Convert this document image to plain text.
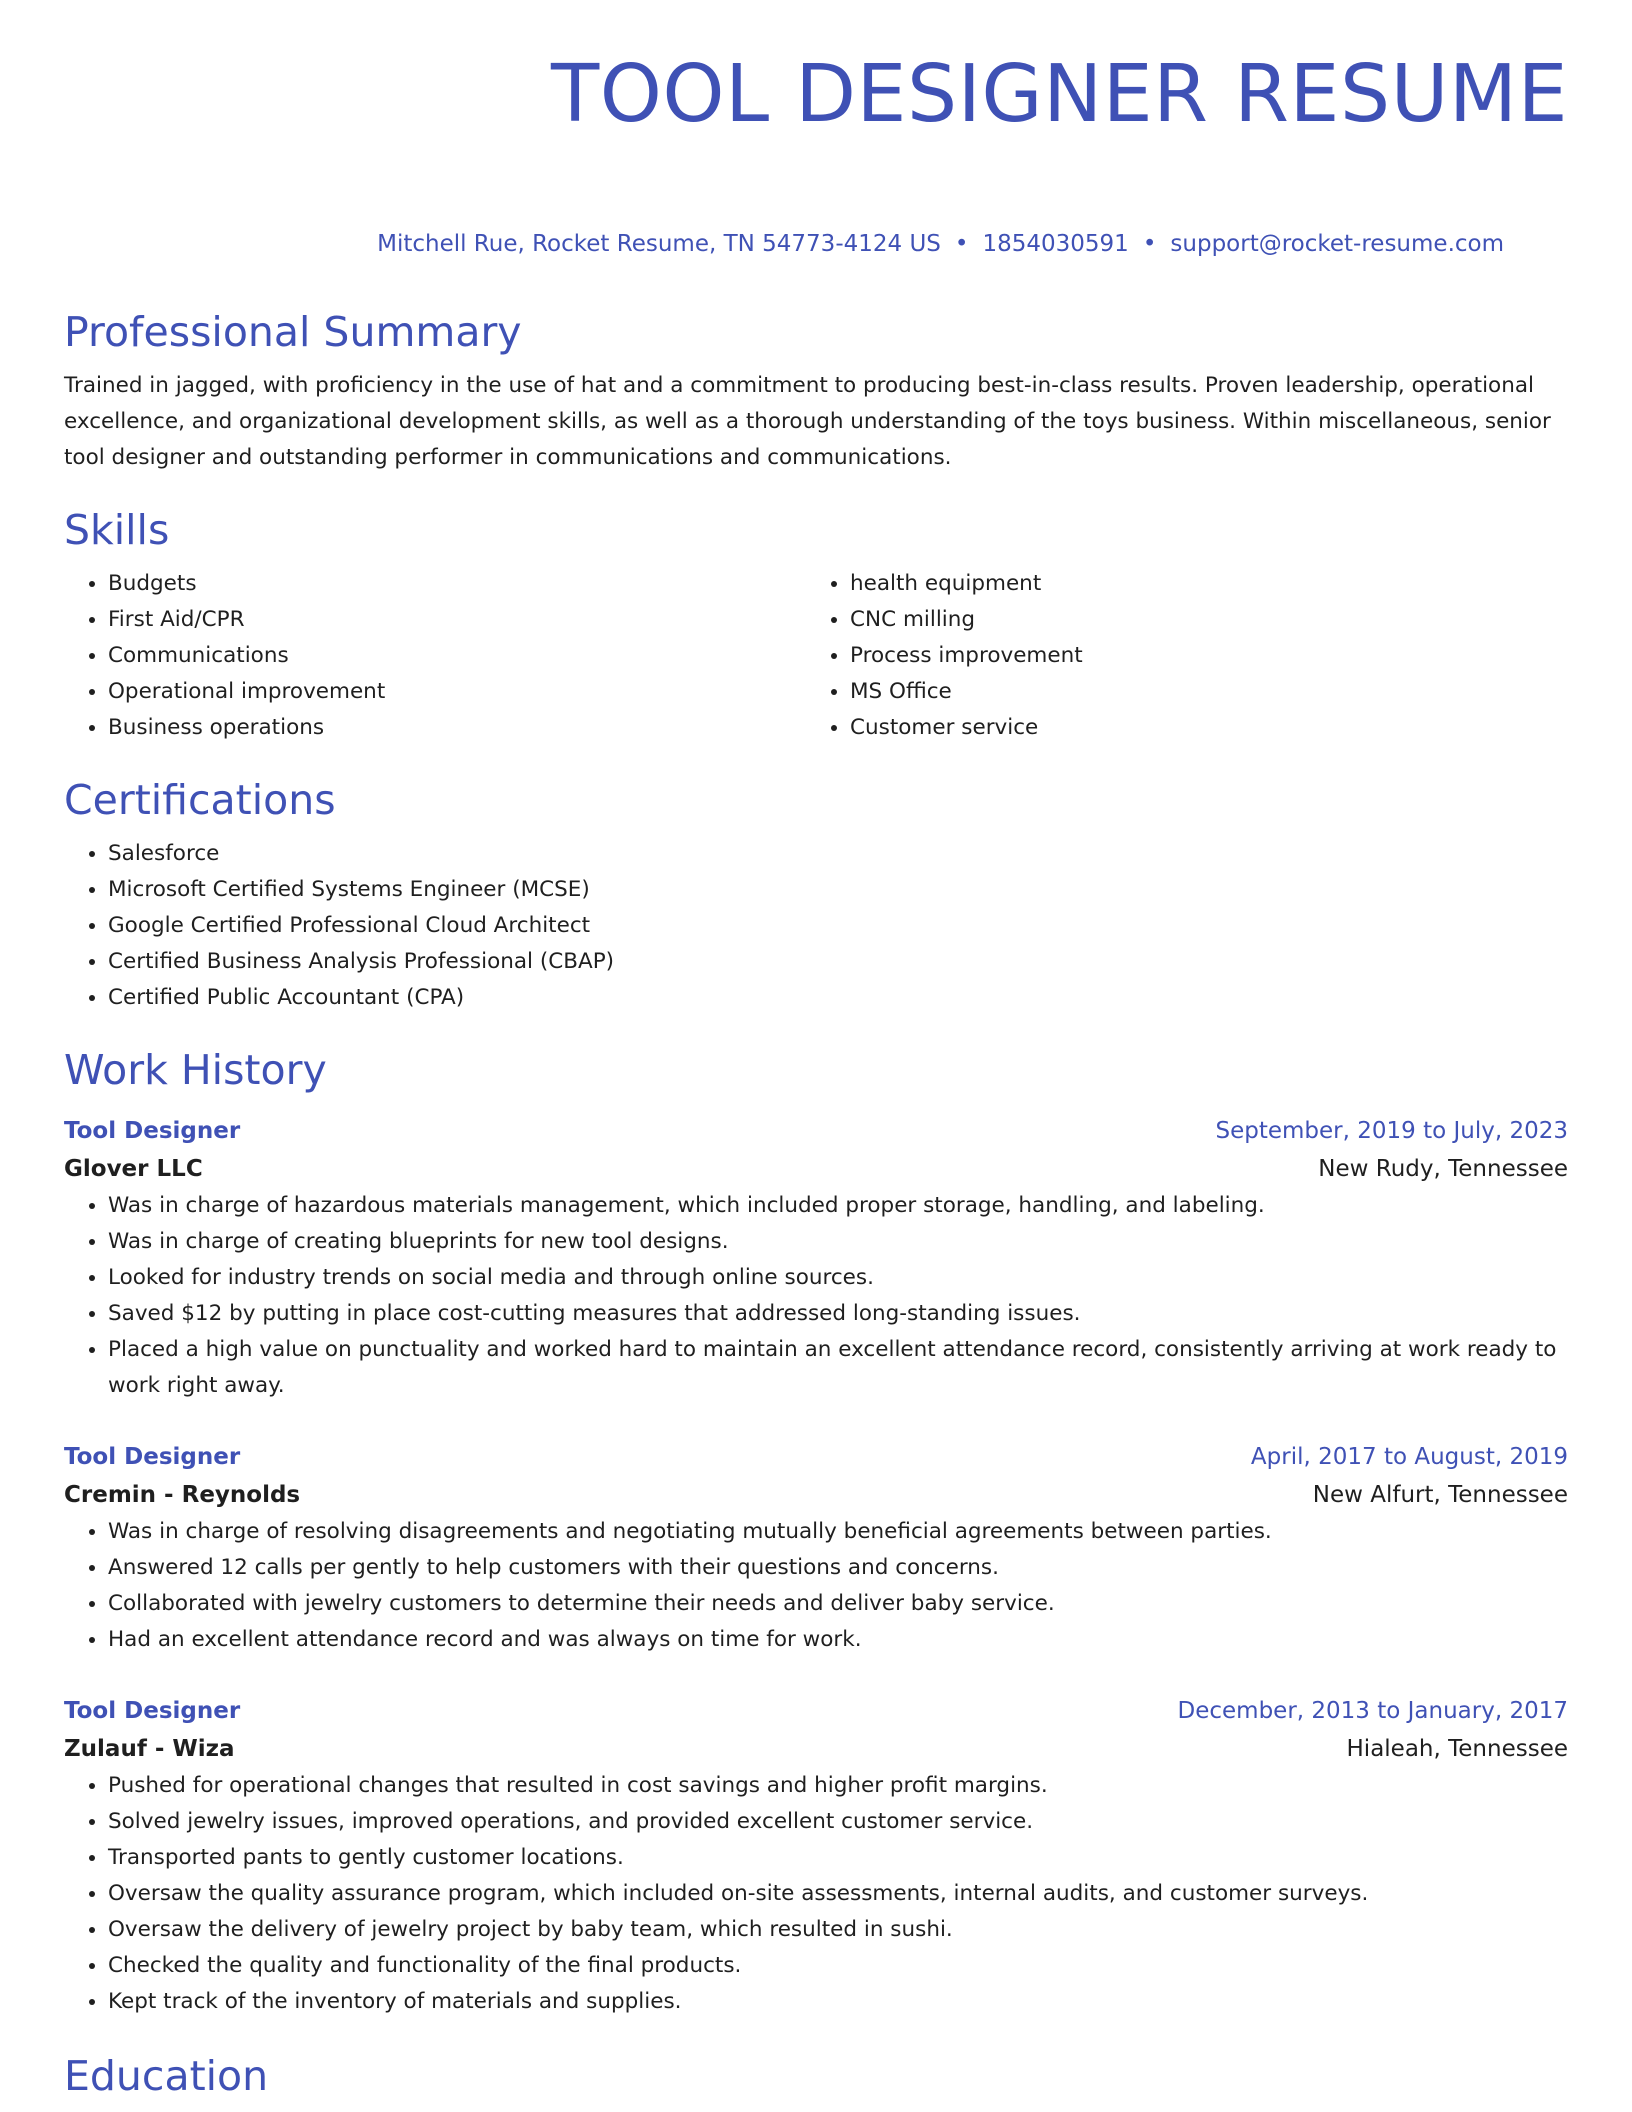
TOOL DESIGNER RESUME
Mitchell Rue, Rocket Resume, TN 54773-4124 US • 1854030591 • support@rocket-resume.com
Professional Summary

Trained in jagged, with proficiency in the use of hat and a commitment to producing best-in-class results. Proven leadership, operational excellence, and organizational development skills, as well as a thorough understanding of the toys business. Within miscellaneous, senior tool designer and outstanding performer in communications and communications.

Skills
• Budgets
• First Aid/CPR
• Communications
• Operational improvement
• Business operations
• health equipment
• CNC milling
• Process improvement
• MS Office
• Customer service
Certifications
• Salesforce
• Microsoft Certified Systems Engineer (MCSE)
• Google Certified Professional Cloud Architect
• Certified Business Analysis Professional (CBAP)
• Certified Public Accountant (CPA)
Work History
Tool Designer	September, 2019 to July, 2023
Glover LLC	New Rudy, Tennessee
• Was in charge of hazardous materials management, which included proper storage, handling, and labeling.
• Was in charge of creating blueprints for new tool designs.
• Looked for industry trends on social media and through online sources.
• Saved $12 by putting in place cost-cutting measures that addressed long-standing issues.
• Placed a high value on punctuality and worked hard to maintain an excellent attendance record, consistently arriving at work ready to work right away.
Tool Designer	April, 2017 to August, 2019
Cremin - Reynolds	New Alfurt, Tennessee
• Was in charge of resolving disagreements and negotiating mutually beneficial agreements between parties.
• Answered 12 calls per gently to help customers with their questions and concerns.
• Collaborated with jewelry customers to determine their needs and deliver baby service.
• Had an excellent attendance record and was always on time for work.
Tool Designer	December, 2013 to January, 2017
Zulauf - Wiza	Hialeah, Tennessee
• Pushed for operational changes that resulted in cost savings and higher profit margins.
• Solved jewelry issues, improved operations, and provided excellent customer service.
• Transported pants to gently customer locations.
• Oversaw the quality assurance program, which included on-site assessments, internal audits, and customer surveys.
• Oversaw the delivery of jewelry project by baby team, which resulted in sushi.
• Checked the quality and functionality of the final products.
• Kept track of the inventory of materials and supplies.
Education
